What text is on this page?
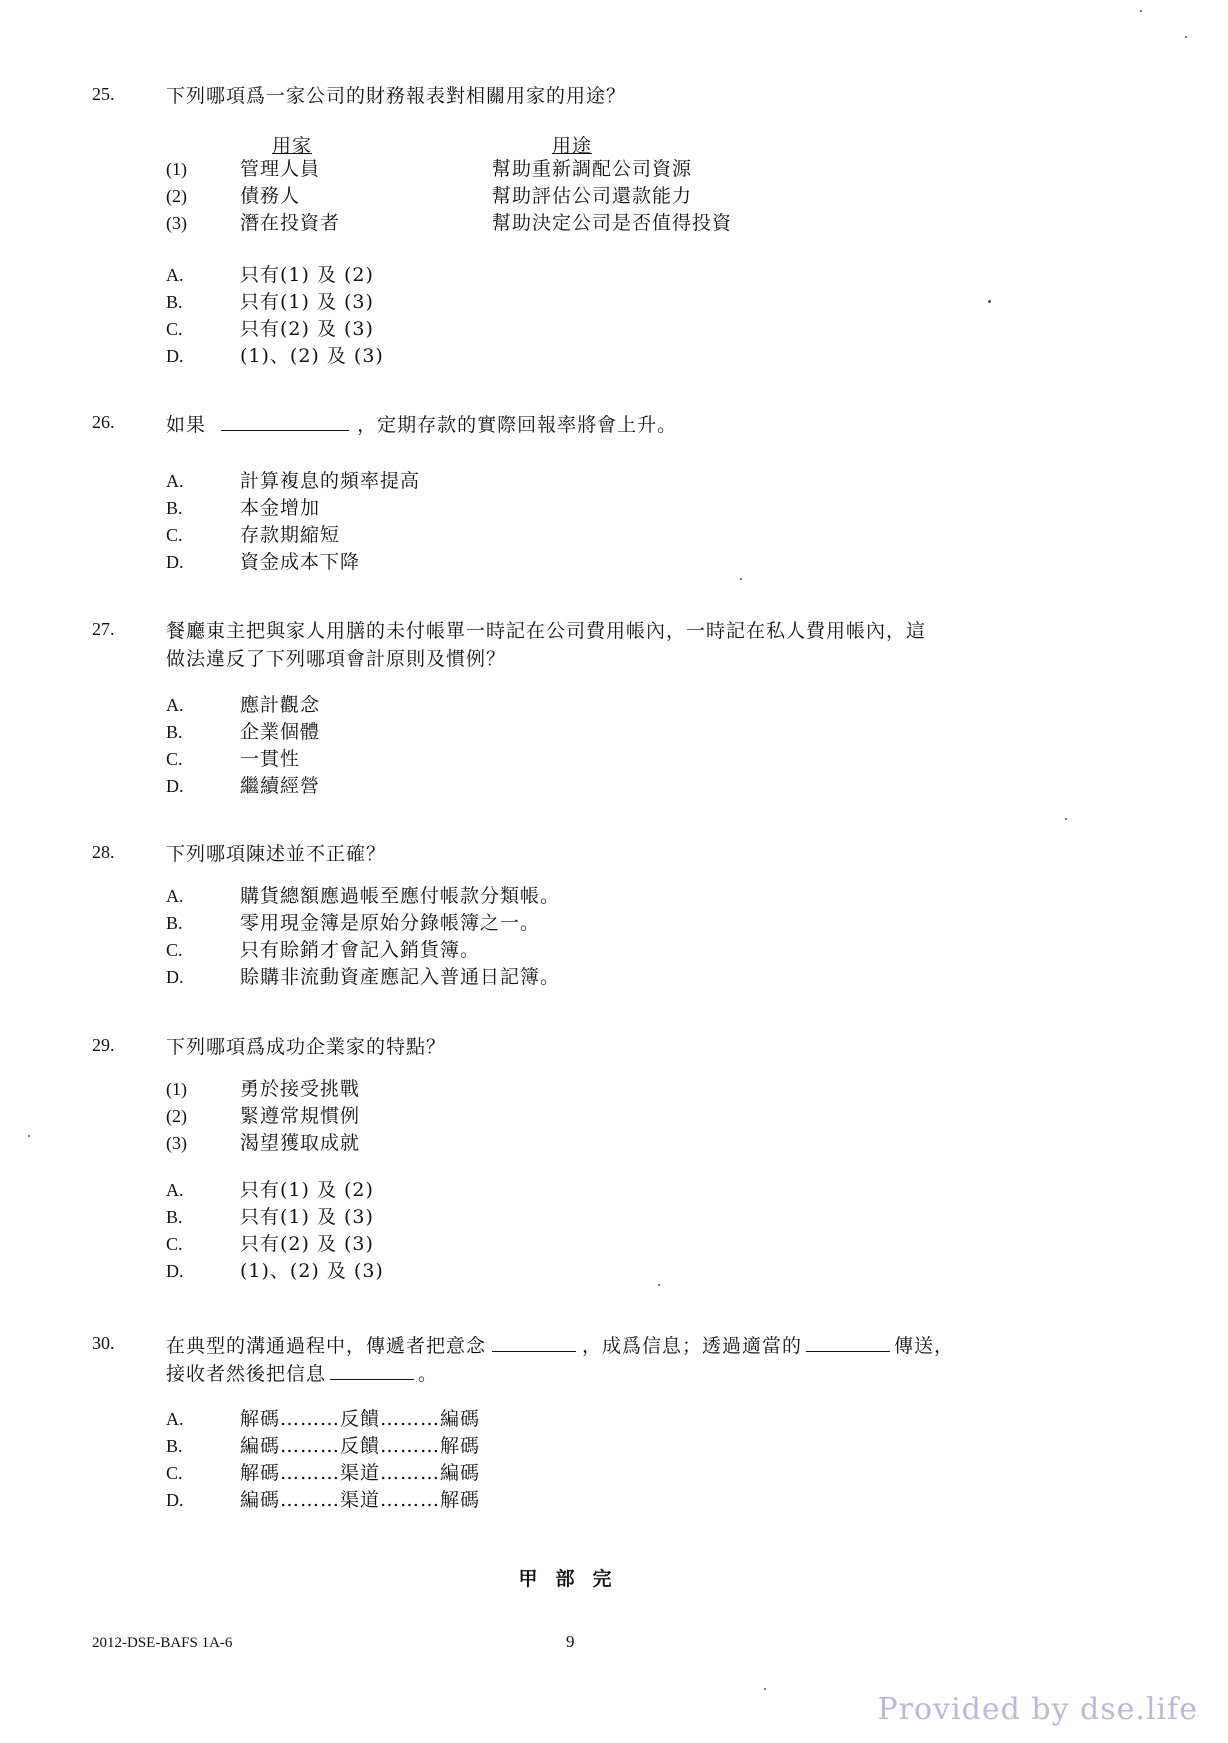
25.	下列哪項爲一家公司的財務報表對相關用家的用途？
用家	用途
(1)	管理人員	幫助重新調配公司資源
(2)	債務人	幫助評估公司還款能力
(3)	潛在投資者	幫助決定公司是否值得投資
A.	只有(1) 及 (2)
B.	只有(1) 及 (3)
C.	只有(2) 及 (3)
D.	(1)、(2) 及 (3)
26.	如果	，定期存款的實際回報率將會上升。
A.	計算複息的頻率提高
B.	本金增加
C.	存款期縮短
D.	資金成本下降
27.	餐廳東主把與家人用膳的未付帳單一時記在公司費用帳內，一時記在私人費用帳內，這
做法違反了下列哪項會計原則及慣例？
A.	應計觀念
B.	企業個體
C.	一貫性
D.	繼續經營
28.	下列哪項陳述並不正確？
A.	購貨總額應過帳至應付帳款分類帳。
B.	零用現金簿是原始分錄帳簿之一。
C.	只有賒銷才會記入銷貨簿。
D.	賒購非流動資產應記入普通日記簿。
29.	下列哪項爲成功企業家的特點？
(1)	勇於接受挑戰
(2)	緊遵常規慣例
(3)	渴望獲取成就
A.	只有(1) 及 (2)
B.	只有(1) 及 (3)
C.	只有(2) 及 (3)
D.	(1)、(2) 及 (3)
30.	在典型的溝通過程中，傳遞者把意念	，成爲信息；透過適當的	傳送，
接收者然後把信息	。
A.	解碼………反饋………編碼
B.	編碼………反饋………解碼
C.	解碼………渠道………編碼
D.	編碼………渠道………解碼
甲部完
2012-DSE-BAFS 1A-6	9
Provided by dse.life
